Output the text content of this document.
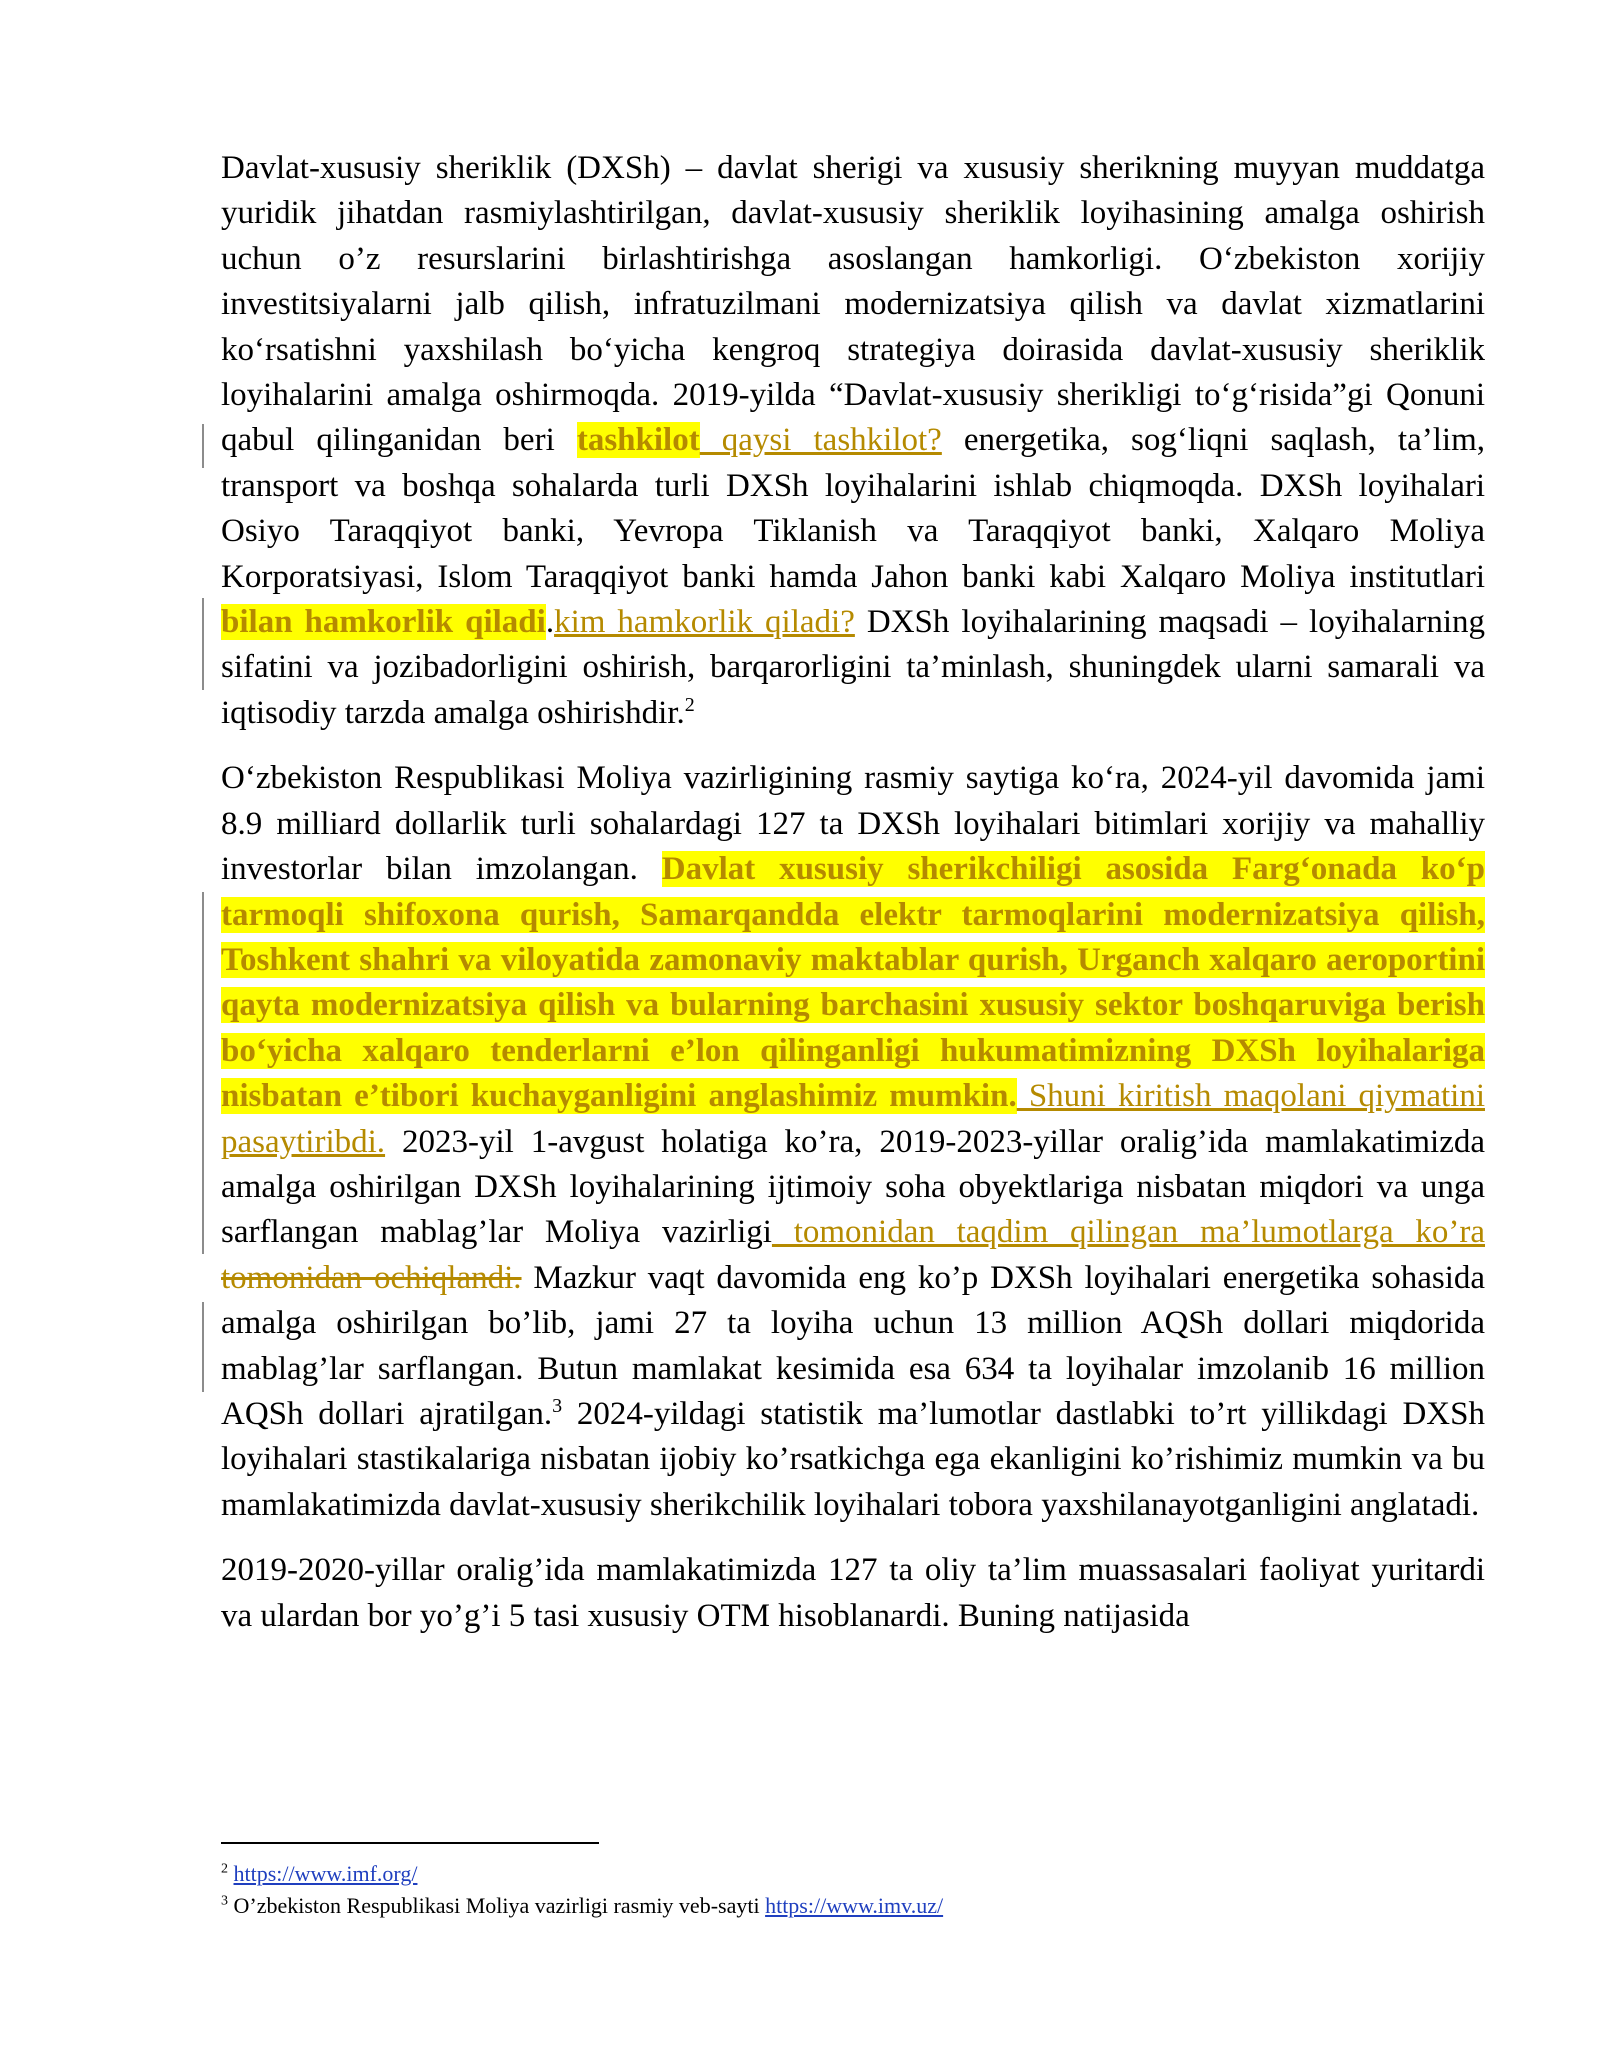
Davlat-xususiy sheriklik (DXSh) – davlat sherigi va xususiy sherikning muyyan muddatga yuridik jihatdan rasmiylashtirilgan, davlat-xususiy sheriklik loyihasining amalga oshirish uchun o’z resurslarini birlashtirishga asoslangan hamkorligi. O‘zbekiston xorijiy investitsiyalarni jalb qilish, infratuzilmani modernizatsiya qilish va davlat xizmatlarini ko‘rsatishni yaxshilash bo‘yicha kengroq strategiya doirasida davlat-xususiy sheriklik loyihalarini amalga oshirmoqda. 2019-yilda “Davlat-xususiy sherikligi to‘g‘risida”gi Qonuni qabul qilinganidan beri tashkilot qaysi tashkilot? energetika, sog‘liqni saqlash, ta’lim, transport va boshqa sohalarda turli DXSh loyihalarini ishlab chiqmoqda. DXSh loyihalari Osiyo Taraqqiyot banki, Yevropa Tiklanish va Taraqqiyot banki, Xalqaro Moliya Korporatsiyasi, Islom Taraqqiyot banki hamda Jahon banki kabi Xalqaro Moliya institutlari bilan hamkorlik qiladi.kim hamkorlik qiladi? DXSh loyihalarining maqsadi – loyihalarning sifatini va jozibadorligini oshirish, barqarorligini ta’minlash, shuningdek ularni samarali va iqtisodiy tarzda amalga oshirishdir.$^2$

O‘zbekiston Respublikasi Moliya vazirligining rasmiy saytiga ko‘ra, 2024-yil davomida jami 8.9 milliard dollarlik turli sohalardagi 127 ta DXSh loyihalari bitimlari xorijiy va mahalliy investorlar bilan imzolangan. Davlat xususiy sherikchiligi asosida Farg‘onada ko‘p tarmoqli shifoxona qurish, Samarqandda elektr tarmoqlarini modernizatsiya qilish, Toshkent shahri va viloyatida zamonaviy maktablar qurish, Urganch xalqaro aeroportini qayta modernizatsiya qilish va bularning barchasini xususiy sektor boshqaruviga berish bo‘yicha xalqaro tenderlarni e’lon qilinganligi hukumatimizning DXSh loyihalariga nisbatan e’tibori kuchayganligini anglashimiz mumkin. Shuni kiritish maqolani qiymatini pasaytiribdi. 2023-yil 1-avgust holatiga ko’ra, 2019-2023-yillar oralig’ida mamlakatimizda amalga oshirilgan DXSh loyihalarining ijtimoiy soha obyektlariga nisbatan miqdori va unga sarflangan mablag’lar Moliya vazirligi tomonidan taqdim qilingan ma’lumotlarga ko’ra tomonidan ochiqlandi. Mazkur vaqt davomida eng ko’p DXSh loyihalari energetika sohasida amalga oshirilgan bo’lib, jami 27 ta loyiha uchun 13 million AQSh dollari miqdorida mablag’lar sarflangan. Butun mamlakat kesimida esa 634 ta loyihalar imzolanib 16 million AQSh dollari ajratilgan.$^3$ 2024-yildagi statistik ma’lumotlar dastlabki to’rt yillikdagi DXSh loyihalari stastikalariga nisbatan ijobiy ko’rsatkichga ega ekanligini ko’rishimiz mumkin va bu mamlakatimizda davlat-xususiy sherikchilik loyihalari tobora yaxshilanayotganligini anglatadi.

2019-2020-yillar oralig’ida mamlakatimizda 127 ta oliy ta’lim muassasalari faoliyat yuritardi va ulardan bor yo’g’i 5 tasi xususiy OTM hisoblanardi. Buning natijasida

$^2$ https://www.imf.org/

$^3$ O’zbekiston Respublikasi Moliya vazirligi rasmiy veb-sayti https://www.imv.uz/
